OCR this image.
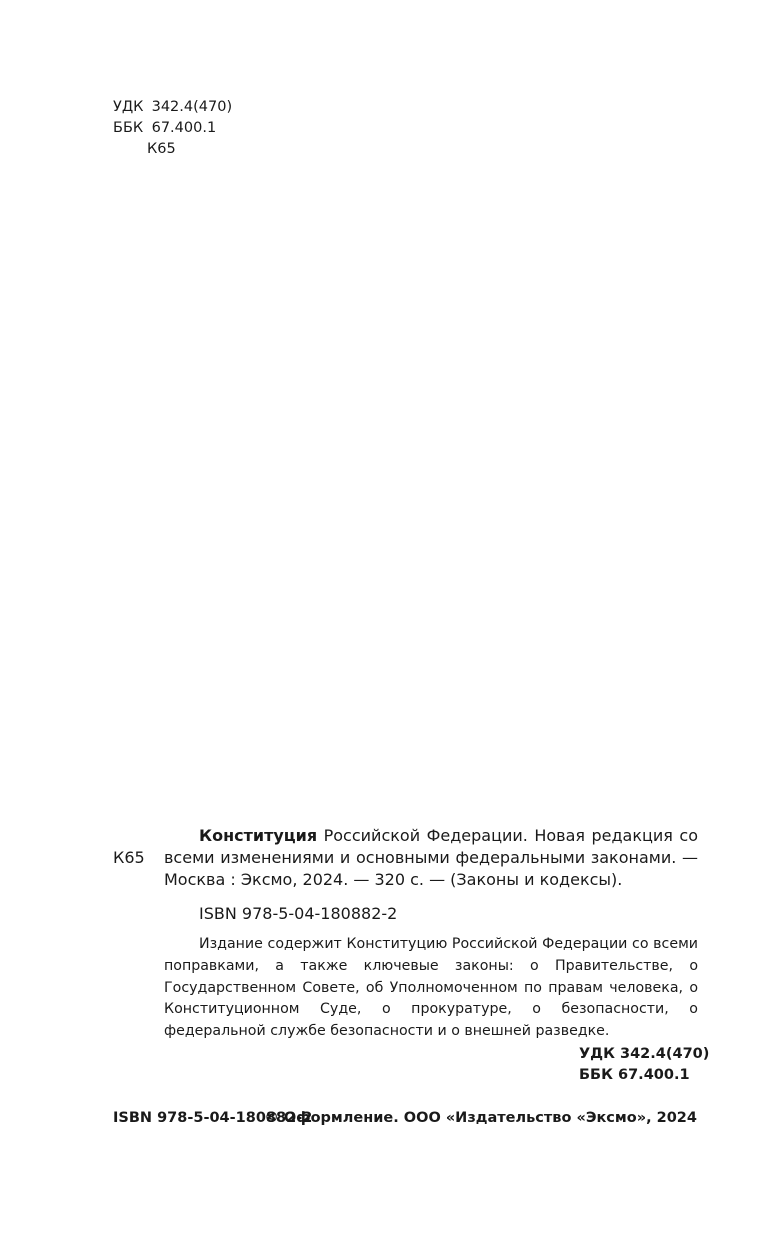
УДК 342.4(470)
ББК 67.400.1
К65
К65

Конституция Российской Федерации. Новая редакция со всеми изменениями и основными федеральными законами. — Москва : Эксмо, 2024. — 320 с. — (Законы и кодексы).

ISBN 978-5-04-180882-2

Издание содержит Конституцию Российской Федерации со всеми поправками, а также ключевые законы: о Правительстве, о Государственном Совете, об Уполномоченном по правам человека, о Конституционном Суде, о прокуратуре, о безопасности, о федеральной службе безопасности и о внешней разведке.

УДК 342.4(470)
ББК 67.400.1
ISBN 978-5-04-180882-2
© Оформление. ООО «Издательство «Эксмо», 2024
